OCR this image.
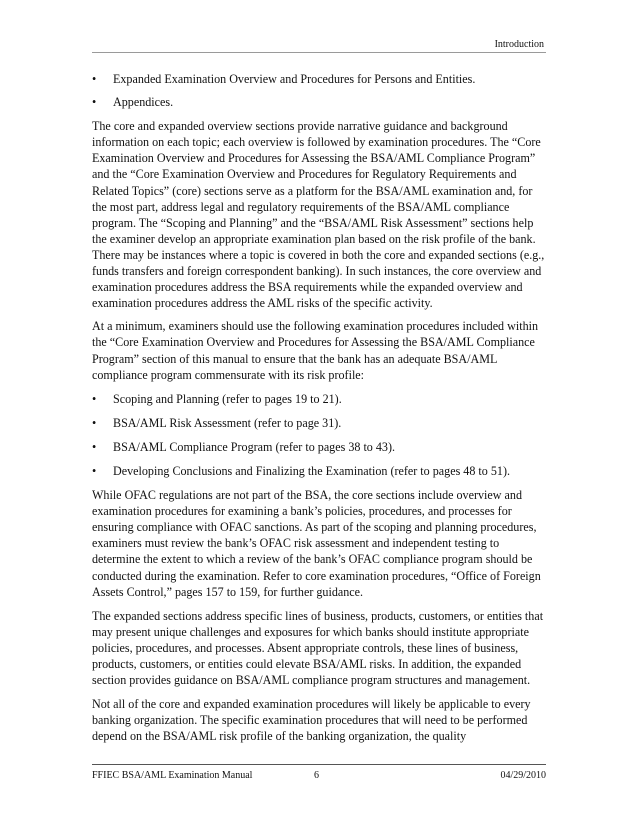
Introduction
• Expanded Examination Overview and Procedures for Persons and Entities.
• Appendices.

The core and expanded overview sections provide narrative guidance and background information on each topic; each overview is followed by examination procedures. The “Core Examination Overview and Procedures for Assessing the BSA/AML Compliance Program” and the “Core Examination Overview and Procedures for Regulatory Requirements and Related Topics” (core) sections serve as a platform for the BSA/AML examination and, for the most part, address legal and regulatory requirements of the BSA/AML compliance program. The “Scoping and Planning” and the “BSA/AML Risk Assessment” sections help the examiner develop an appropriate examination plan based on the risk profile of the bank. There may be instances where a topic is covered in both the core and expanded sections (e.g., funds transfers and foreign correspondent banking). In such instances, the core overview and examination procedures address the BSA requirements while the expanded overview and examination procedures address the AML risks of the specific activity.

At a minimum, examiners should use the following examination procedures included within the “Core Examination Overview and Procedures for Assessing the BSA/AML Compliance Program” section of this manual to ensure that the bank has an adequate BSA/AML compliance program commensurate with its risk profile:

• Scoping and Planning (refer to pages 19 to 21).
• BSA/AML Risk Assessment (refer to page 31).
• BSA/AML Compliance Program (refer to pages 38 to 43).
• Developing Conclusions and Finalizing the Examination (refer to pages 48 to 51).

While OFAC regulations are not part of the BSA, the core sections include overview and examination procedures for examining a bank’s policies, procedures, and processes for ensuring compliance with OFAC sanctions. As part of the scoping and planning procedures, examiners must review the bank’s OFAC risk assessment and independent testing to determine the extent to which a review of the bank’s OFAC compliance program should be conducted during the examination. Refer to core examination procedures, “Office of Foreign Assets Control,” pages 157 to 159, for further guidance.

The expanded sections address specific lines of business, products, customers, or entities that may present unique challenges and exposures for which banks should institute appropriate policies, procedures, and processes. Absent appropriate controls, these lines of business, products, customers, or entities could elevate BSA/AML risks. In addition, the expanded section provides guidance on BSA/AML compliance program structures and management.

Not all of the core and expanded examination procedures will likely be applicable to every banking organization. The specific examination procedures that will need to be performed depend on the BSA/AML risk profile of the banking organization, the quality

FFIEC BSA/AML Examination Manual	6	04/29/2010
